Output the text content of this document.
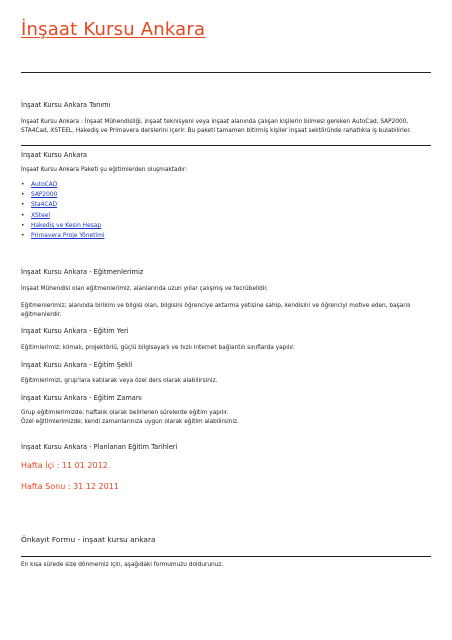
İnşaat Kursu Ankara
İnşaat Kursu Ankara Tanımı

İnşaat Kursu Ankara : İnşaat Mühendisliği, inşaat teknisyeni veya inşaat alanında çalışan kişilerin bilmesi gereken AutoCad, SAP2000, STA4Cad, XSTEEL, Hakediş ve Primavera derslerini içerir. Bu paketi tamamen bitirmiş kişiler inşaat sektöründe rahatlıkla iş bulabilirler.

İnşaat Kursu Ankara

İnşaat Kursu Ankara Paketi şu eğitimlerden oluşmaktadır:

• AutoCAD
• SAP2000
• Sta4CAD
• XSteel
• Hakediş ve Kesin Hesap
• Primavera Proje Yönetimi
İnşaat Kursu Ankara - Eğitmenlerimiz

İnşaat Mühendisi olan eğitmenlerimiz, alanlarında uzun yıllar çalışmış ve tecrübelidir.

Eğitmenlerimiz; alanında birikim ve bilgisi olan, bilgisini öğrenciye aktarma yetisine sahip, kendisini ve öğrenciyi motive eden, başarılı eğitmenlerdir.

İnşaat Kursu Ankara - Eğitim Yeri

Eğitimlerimiz; klimalı, projektörlü, güçlü bilgisayarlı ve hızlı internet bağlantılı sınıflarda yapılır.

İnşaat Kursu Ankara - Eğitim Şekli

Eğitimlerimizi, grup'lara katılarak veya özel ders olarak alabilirsiniz.

İnşaat Kursu Ankara - Eğitim Zamanı

Grup eğitimlerimizde; haftalık olarak belirlenen sürelerde eğitim yapılır.

Özel eğitimlerimizde; kendi zamanlarınıza uygun olarak eğitim alabilirsiniz.

İnşaat Kursu Ankara - Planlanan Eğitim Tarihleri
Hafta İçi : 11 01 2012
Hafta Sonu : 31 12 2011
Önkayıt Formu - inşaat kursu ankara

En kısa sürede size dönmemiz için, aşağıdaki formumuzu doldurunuz.
